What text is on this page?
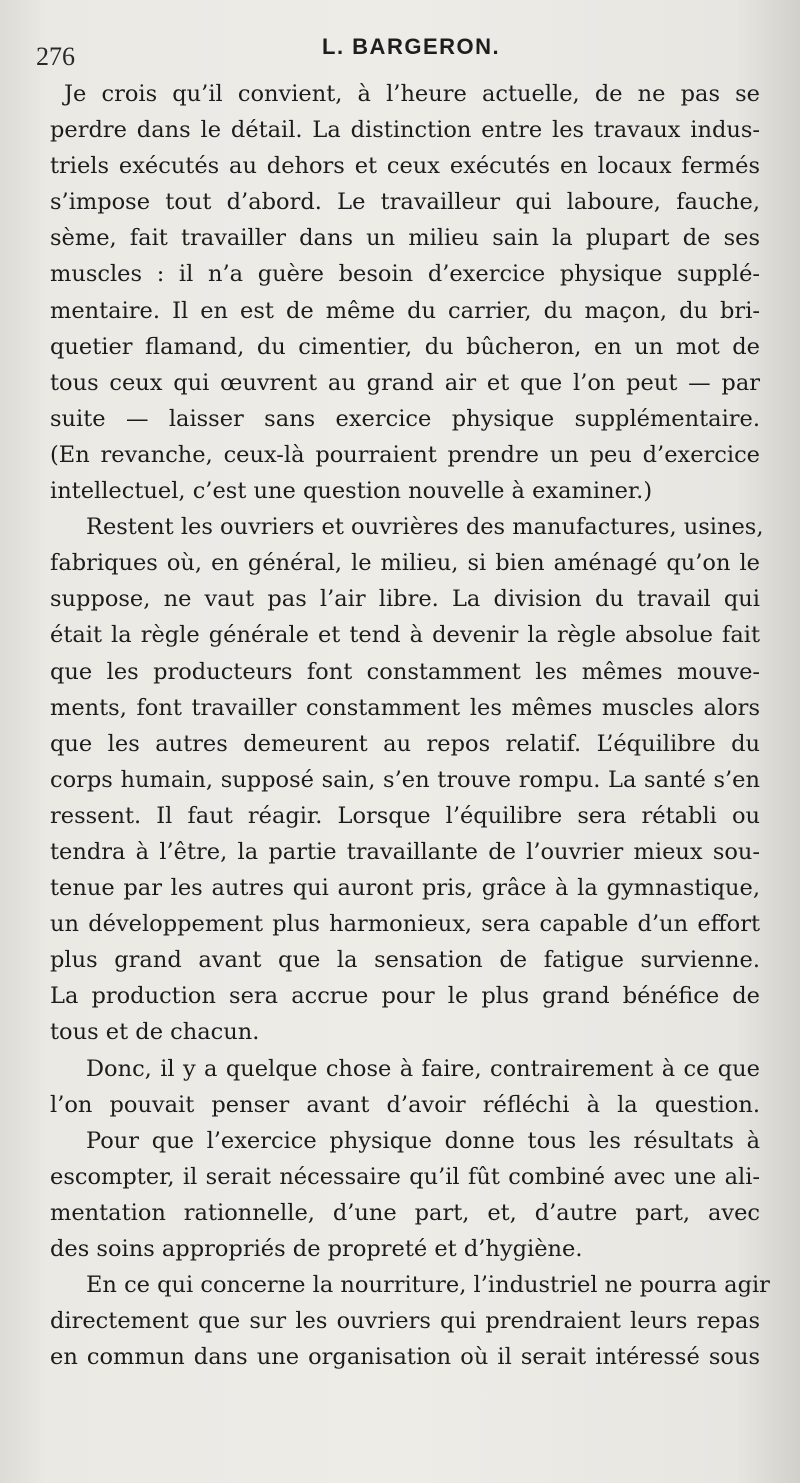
276	L. BARGERON.
Je crois qu’il convient, à l’heure actuelle, de ne pas se
perdre dans le détail. La distinction entre les travaux indus-
triels exécutés au dehors et ceux exécutés en locaux fermés
s’impose tout d’abord. Le travailleur qui laboure, fauche,
sème, fait travailler dans un milieu sain la plupart de ses
muscles : il n’a guère besoin d’exercice physique supplé-
mentaire. Il en est de même du carrier, du maçon, du bri-
quetier flamand, du cimentier, du bûcheron, en un mot de
tous ceux qui œuvrent au grand air et que l’on peut — par
suite — laisser sans exercice physique supplémentaire.
(En revanche, ceux-là pourraient prendre un peu d’exercice
intellectuel, c’est une question nouvelle à examiner.)
Restent les ouvriers et ouvrières des manufactures, usines,
fabriques où, en général, le milieu, si bien aménagé qu’on le
suppose, ne vaut pas l’air libre. La division du travail qui
était la règle générale et tend à devenir la règle absolue fait
que les producteurs font constamment les mêmes mouve-
ments, font travailler constamment les mêmes muscles alors
que les autres demeurent au repos relatif. L’équilibre du
corps humain, supposé sain, s’en trouve rompu. La santé s’en
ressent. Il faut réagir. Lorsque l’équilibre sera rétabli ou
tendra à l’être, la partie travaillante de l’ouvrier mieux sou-
tenue par les autres qui auront pris, grâce à la gymnastique,
un développement plus harmonieux, sera capable d’un effort
plus grand avant que la sensation de fatigue survienne.
La production sera accrue pour le plus grand bénéfice de
tous et de chacun.
Donc, il y a quelque chose à faire, contrairement à ce que
l’on pouvait penser avant d’avoir réfléchi à la question.
Pour que l’exercice physique donne tous les résultats à
escompter, il serait nécessaire qu’il fût combiné avec une ali-
mentation rationnelle, d’une part, et, d’autre part, avec
des soins appropriés de propreté et d’hygiène.
En ce qui concerne la nourriture, l’industriel ne pourra agir
directement que sur les ouvriers qui prendraient leurs repas
en commun dans une organisation où il serait intéressé sous
